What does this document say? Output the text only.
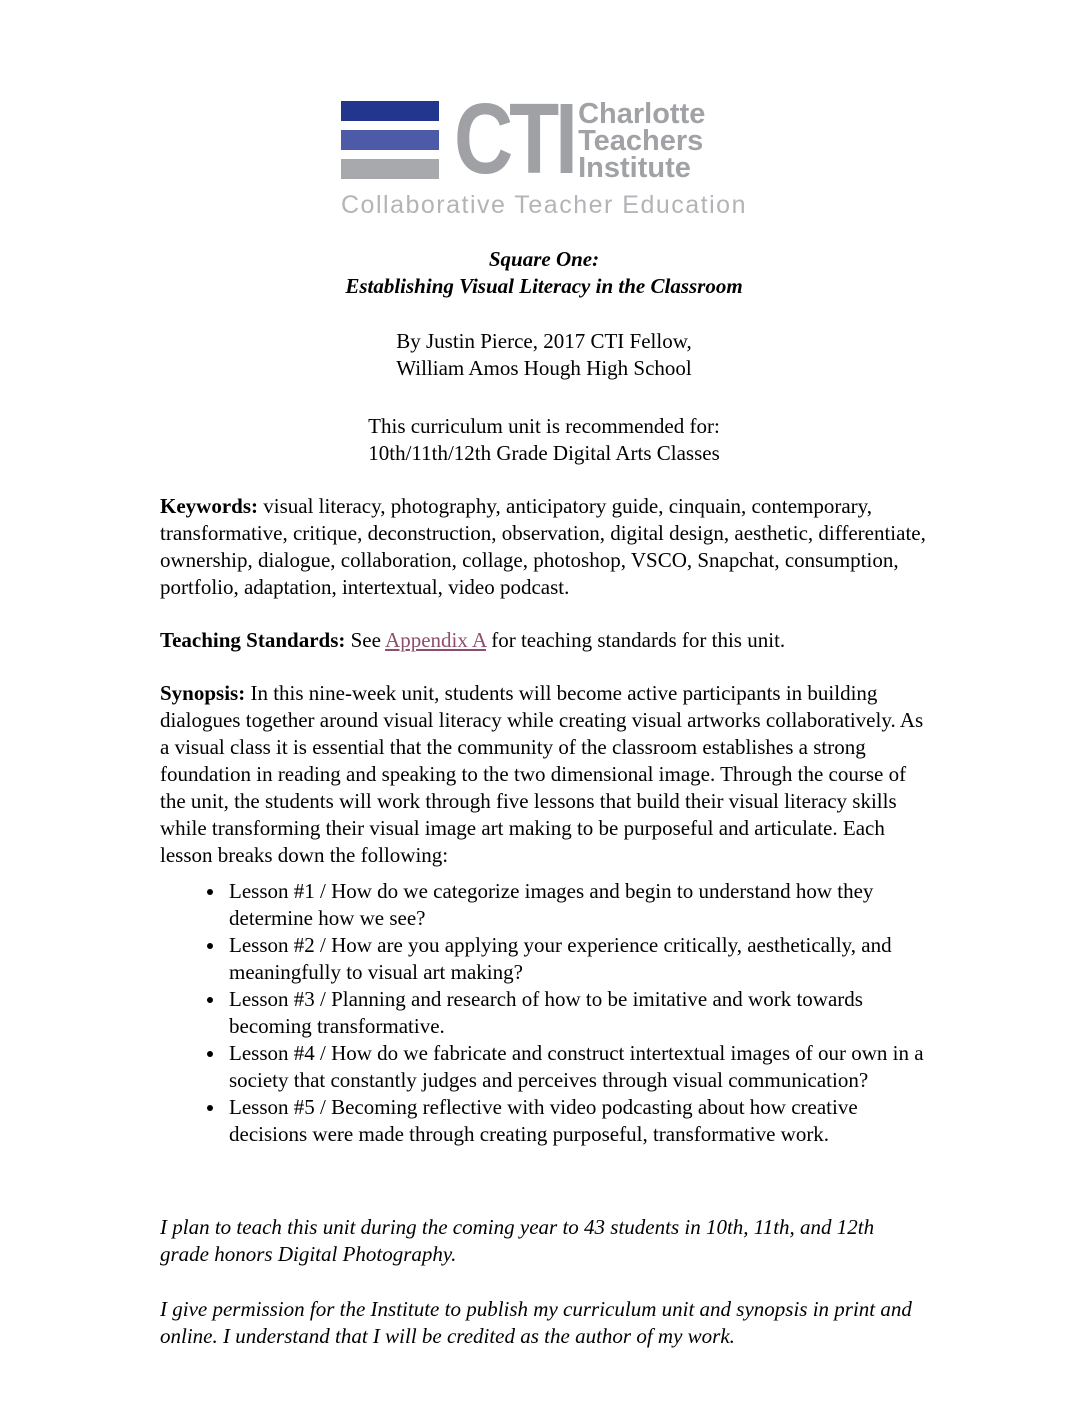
CTI Charlotte
Teachers
Institute
Collaborative Teacher Education
Square One:
Establishing Visual Literacy in the Classroom
By Justin Pierce, 2017 CTI Fellow,
William Amos Hough High School
This curriculum unit is recommended for:
10th/11th/12th Grade Digital Arts Classes

Keywords: visual literacy, photography, anticipatory guide, cinquain, contemporary, transformative, critique, deconstruction, observation, digital design, aesthetic, differentiate, ownership, dialogue, collaboration, collage, photoshop, VSCO, Snapchat, consumption, portfolio, adaptation, intertextual, video podcast.

Teaching Standards: See Appendix A for teaching standards for this unit.

Synopsis: In this nine-week unit, students will become active participants in building dialogues together around visual literacy while creating visual artworks collaboratively. As a visual class it is essential that the community of the classroom establishes a strong foundation in reading and speaking to the two dimensional image. Through the course of the unit, the students will work through five lessons that build their visual literacy skills while transforming their visual image art making to be purposeful and articulate. Each lesson breaks down the following:

• Lesson #1 / How do we categorize images and begin to understand how they determine how we see?
• Lesson #2 / How are you applying your experience critically, aesthetically, and meaningfully to visual art making?
• Lesson #3 / Planning and research of how to be imitative and work towards becoming transformative.
• Lesson #4 / How do we fabricate and construct intertextual images of our own in a society that constantly judges and perceives through visual communication?
• Lesson #5 / Becoming reflective with video podcasting about how creative decisions were made through creating purposeful, transformative work.

I plan to teach this unit during the coming year to 43 students in 10th, 11th, and 12th grade honors Digital Photography.

I give permission for the Institute to publish my curriculum unit and synopsis in print and online. I understand that I will be credited as the author of my work.
